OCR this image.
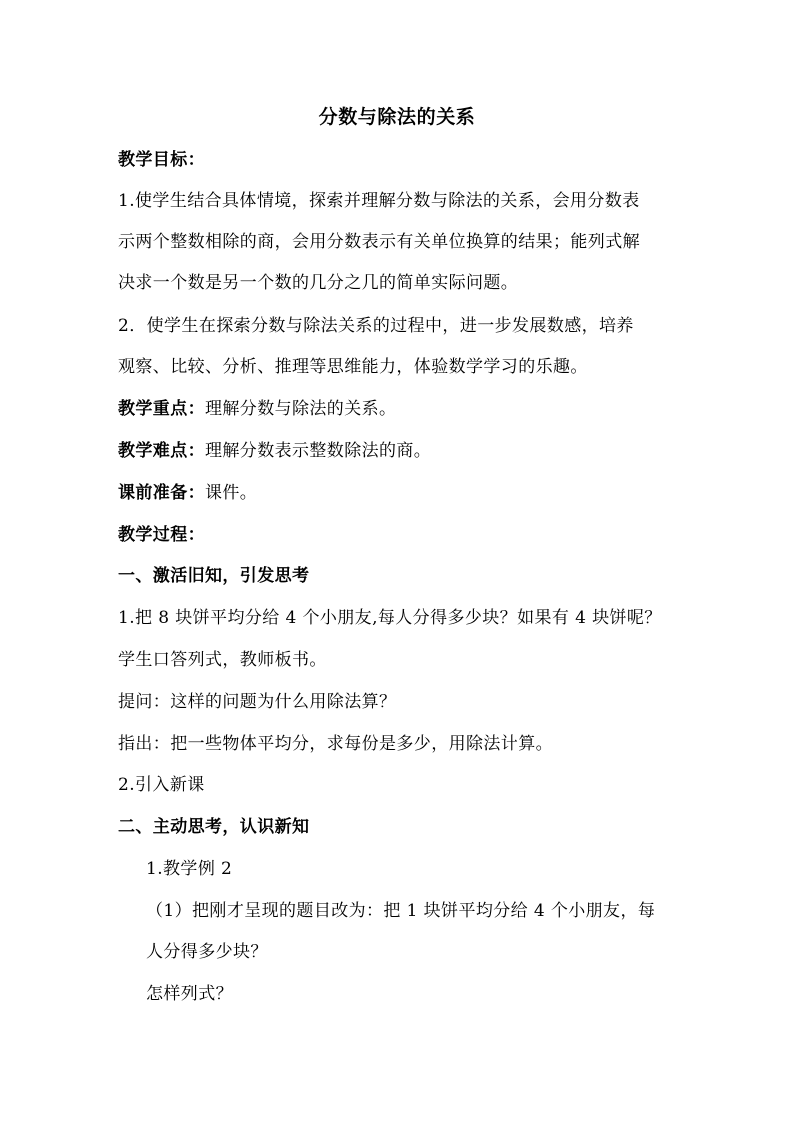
分数与除法的关系
教学目标：
1.使学生结合具体情境，探索并理解分数与除法的关系，会用分数表
示两个整数相除的商，会用分数表示有关单位换算的结果；能列式解
决求一个数是另一个数的几分之几的简单实际问题。
2．使学生在探索分数与除法关系的过程中，进一步发展数感，培养
观察、比较、分析、推理等思维能力，体验数学学习的乐趣。
教学重点：理解分数与除法的关系。
教学难点：理解分数表示整数除法的商。
课前准备：课件。
教学过程：
一、激活旧知，引发思考
1.把 8 块饼平均分给 4 个小朋友,每人分得多少块？如果有 4 块饼呢？
学生口答列式，教师板书。
提问：这样的问题为什么用除法算？
指出：把一些物体平均分，求每份是多少，用除法计算。
2.引入新课
二、主动思考，认识新知
1.教学例 2
（1）把刚才呈现的题目改为：把 1 块饼平均分给 4 个小朋友，每
人分得多少块？
怎样列式？
